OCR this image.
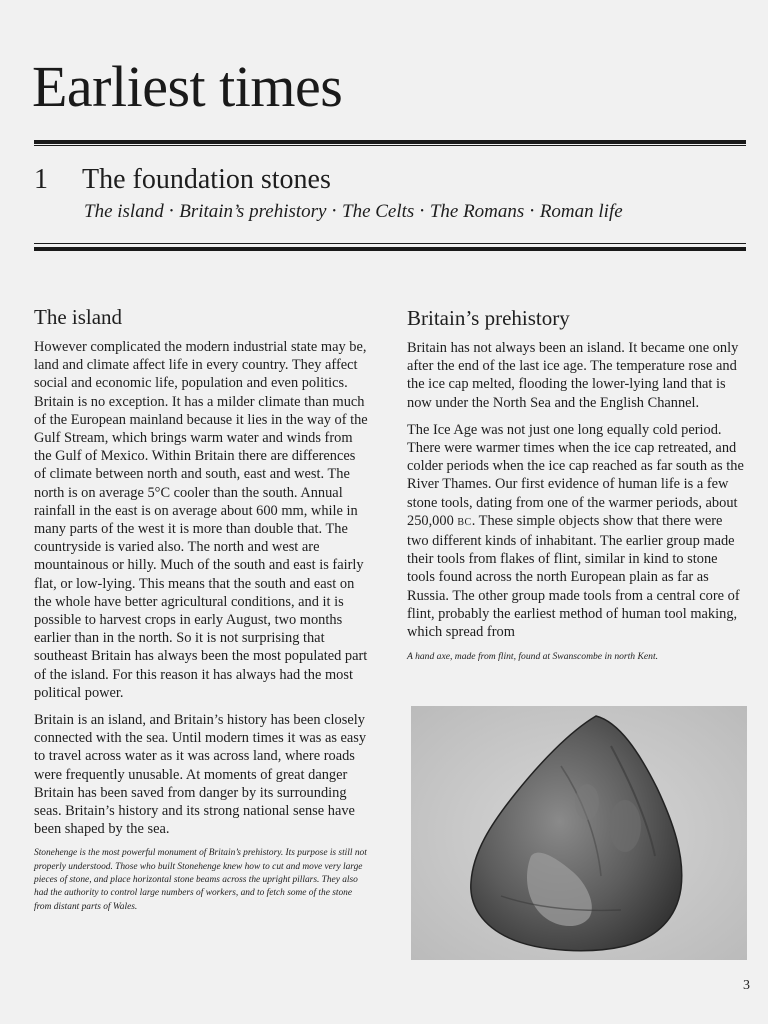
Earliest times
1 The foundation stones
The island • Britain’s prehistory • The Celts • The Romans • Roman life
The island

However complicated the modern industrial state may be, land and climate affect life in every country. They affect social and economic life, population and even politics. Britain is no exception. It has a milder climate than much of the European mainland because it lies in the way of the Gulf Stream, which brings warm water and winds from the Gulf of Mexico. Within Britain there are differences of climate between north and south, east and west. The north is on average 5°C cooler than the south. Annual rainfall in the east is on average about 600 mm, while in many parts of the west it is more than double that. The countryside is varied also. The north and west are mountainous or hilly. Much of the south and east is fairly flat, or low-lying. This means that the south and east on the whole have better agricultural conditions, and it is possible to harvest crops in early August, two months earlier than in the north. So it is not surprising that southeast Britain has always been the most populated part of the island. For this reason it has always had the most political power.

Britain is an island, and Britain’s history has been closely connected with the sea. Until modern times it was as easy to travel across water as it was across land, where roads were frequently unusable. At moments of great danger Britain has been saved from danger by its surrounding seas. Britain’s history and its strong national sense have been shaped by the sea.

Stonehenge is the most powerful monument of Britain’s prehistory. Its purpose is still not properly understood. Those who built Stonehenge knew how to cut and move very large pieces of stone, and place horizontal stone beams across the upright pillars. They also had the authority to control large numbers of workers, and to fetch some of the stone from distant parts of Wales.

Britain’s prehistory

Britain has not always been an island. It became one only after the end of the last ice age. The temperature rose and the ice cap melted, flooding the lower-lying land that is now under the North Sea and the English Channel.

The Ice Age was not just one long equally cold period. There were warmer times when the ice cap retreated, and colder periods when the ice cap reached as far south as the River Thames. Our first evidence of human life is a few stone tools, dating from one of the warmer periods, about 250,000 BC. These simple objects show that there were two different kinds of inhabitant. The earlier group made their tools from flakes of flint, similar in kind to stone tools found across the north European plain as far as Russia. The other group made tools from a central core of flint, probably the earliest method of human tool making, which spread from

A hand axe, made from flint, found at Swanscombe in north Kent.

3
